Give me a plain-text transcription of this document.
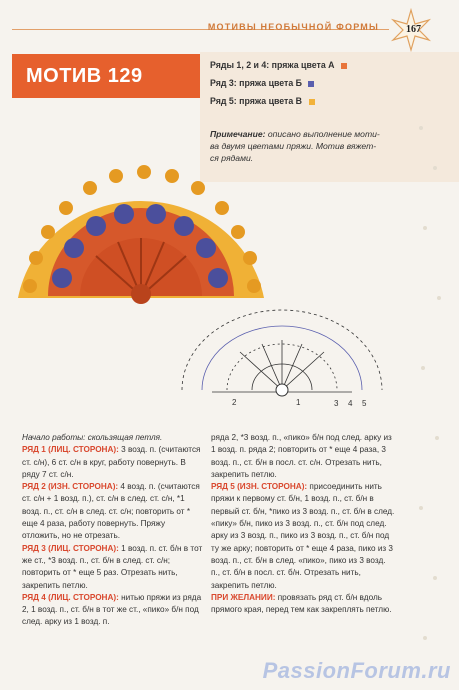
МОТИВЫ НЕОБЫЧНОЙ ФОРМЫ	167
МОТИВ 129	Ряды 1, 2 и 4: пряжа цвета А
Ряд 3: пряжа цвета Б
Ряд 5: пряжа цвета В
Примечание: описано выполнение моти-
ва двумя цветами пряжи. Мотив вяжет-
ся рядами.
2	1	3 4 5

Начало работы: скользящая петля.

РЯД 1 (ЛИЦ. СТОРОНА): 3 возд. п. (считаются ст. с/н), 6 ст. с/н в круг, работу повернуть. В ряду 7 ст. с/н.

РЯД 2 (ИЗН. СТОРОНА): 4 возд. п. (считаются ст. с/н + 1 возд. п.), ст. с/н в след. ст. с/н, *1 возд. п., ст. с/н в след. ст. с/н; повторить от * еще 4 раза, работу повернуть. Пряжу отложить, но не отрезать.

РЯД 3 (ЛИЦ. СТОРОНА): 1 возд. п. ст. б/н в тот же ст., *3 возд. п., ст. б/н в след. ст. с/н; повторить от * еще 5 раз. Отрезать нить, закрепить петлю.

РЯД 4 (ЛИЦ. СТОРОНА): нитью пряжи из ряда 2, 1 возд. п., ст. б/н в тот же ст., «пико» б/н под след. арку из 1 возд. п.

ряда 2, *3 возд. п., «пико» б/н под след. арку из 1 возд. п. ряда 2; повторить от * еще 4 раза, 3 возд. п., ст. б/н в посл. ст. с/н. Отрезать нить, закрепить петлю.

РЯД 5 (ИЗН. СТОРОНА): присоединить нить пряжи к первому ст. б/н, 1 возд. п., ст. б/н в первый ст. б/н, *пико из 3 возд. п., ст. б/н в след. «пику» б/н, пико из 3 возд. п., ст. б/н под след. арку из 3 возд. п., пико из 3 возд. п., ст. б/н под ту же арку; повторить от * еще 4 раза, пико из 3 возд. п., ст. б/н в след. «пико», пико из 3 возд. п., ст. б/н в посл. ст. б/н. Отрезать нить, закрепить петлю.

ПРИ ЖЕЛАНИИ: провязать ряд ст. б/н вдоль прямого края, перед тем как закреплять петлю.

PassionForum.ru
